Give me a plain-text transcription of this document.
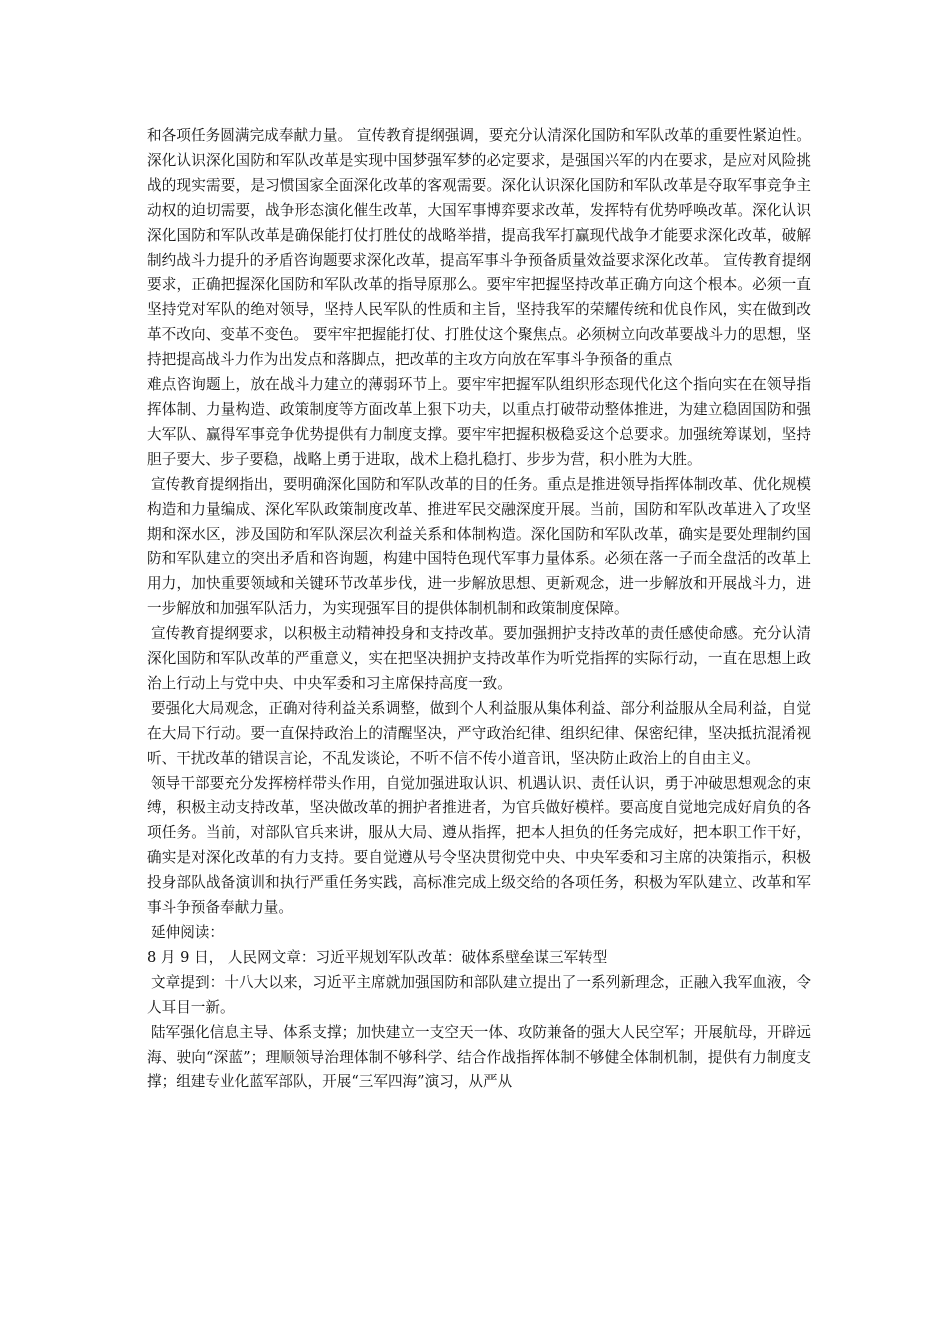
和各项任务圆满完成奉献力量。 宣传教育提纲强调，要充分认清深化国防和军队改革的重要性紧迫性。深化认识深化国防和军队改革是实现中国梦强军梦的必定要求，是强国兴军的内在要求，是应对风险挑战的现实需要，是习惯国家全面深化改革的客观需要。深化认识深化国防和军队改革是夺取军事竞争主动权的迫切需要，战争形态演化催生改革，大国军事博弈要求改革，发挥特有优势呼唤改革。深化认识深化国防和军队改革是确保能打仗打胜仗的战略举措，提高我军打赢现代战争才能要求深化改革，破解制约战斗力提升的矛盾咨询题要求深化改革，提高军事斗争预备质量效益要求深化改革。 宣传教育提纲要求，正确把握深化国防和军队改革的指导原那么。要牢牢把握坚持改革正确方向这个根本。必须一直坚持党对军队的绝对领导，坚持人民军队的性质和主旨，坚持我军的荣耀传统和优良作风，实在做到改革不改向、变革不变色。 要牢牢把握能打仗、打胜仗这个聚焦点。必须树立向改革要战斗力的思想，坚持把提高战斗力作为出发点和落脚点，把改革的主攻方向放在军事斗争预备的重点

难点咨询题上，放在战斗力建立的薄弱环节上。要牢牢把握军队组织形态现代化这个指向实在在领导指挥体制、力量构造、政策制度等方面改革上狠下功夫，以重点打破带动整体推进，为建立稳固国防和强大军队、赢得军事竞争优势提供有力制度支撑。要牢牢把握积极稳妥这个总要求。加强统筹谋划，坚持胆子要大、步子要稳，战略上勇于进取，战术上稳扎稳打、步步为营，积小胜为大胜。

宣传教育提纲指出，要明确深化国防和军队改革的目的任务。重点是推进领导指挥体制改革、优化规模构造和力量编成、深化军队政策制度改革、推进军民交融深度开展。当前，国防和军队改革进入了攻坚期和深水区，涉及国防和军队深层次利益关系和体制构造。深化国防和军队改革，确实是要处理制约国防和军队建立的突出矛盾和咨询题，构建中国特色现代军事力量体系。必须在落一子而全盘活的改革上用力，加快重要领域和关键环节改革步伐，进一步解放思想、更新观念，进一步解放和开展战斗力，进一步解放和加强军队活力，为实现强军目的提供体制机制和政策制度保障。

宣传教育提纲要求，以积极主动精神投身和支持改革。要加强拥护支持改革的责任感使命感。充分认清深化国防和军队改革的严重意义，实在把坚决拥护支持改革作为听党指挥的实际行动，一直在思想上政治上行动上与党中央、中央军委和习主席保持高度一致。

要强化大局观念，正确对待利益关系调整，做到个人利益服从集体利益、部分利益服从全局利益，自觉在大局下行动。要一直保持政治上的清醒坚决，严守政治纪律、组织纪律、保密纪律，坚决抵抗混淆视听、干扰改革的错误言论，不乱发谈论，不听不信不传小道音讯，坚决防止政治上的自由主义。

领导干部要充分发挥榜样带头作用，自觉加强进取认识、机遇认识、责任认识，勇于冲破思想观念的束缚，积极主动支持改革，坚决做改革的拥护者推进者，为官兵做好模样。要高度自觉地完成好肩负的各项任务。当前，对部队官兵来讲，服从大局、遵从指挥，把本人担负的任务完成好，把本职工作干好，确实是对深化改革的有力支持。要自觉遵从号令坚决贯彻党中央、中央军委和习主席的决策指示，积极投身部队战备演训和执行严重任务实践，高标准完成上级交给的各项任务，积极为军队建立、改革和军事斗争预备奉献力量。

延伸阅读：

8 月 9 日， 人民网文章：习近平规划军队改革：破体系壁垒谋三军转型

文章提到：十八大以来，习近平主席就加强国防和部队建立提出了一系列新理念，正融入我军血液，令人耳目一新。

陆军强化信息主导、体系支撑；加快建立一支空天一体、攻防兼备的强大人民空军；开展航母，开辟远海、驶向“深蓝”；理顺领导治理体制不够科学、结合作战指挥体制不够健全体制机制，提供有力制度支撑；组建专业化蓝军部队，开展“三军四海”演习，从严从
